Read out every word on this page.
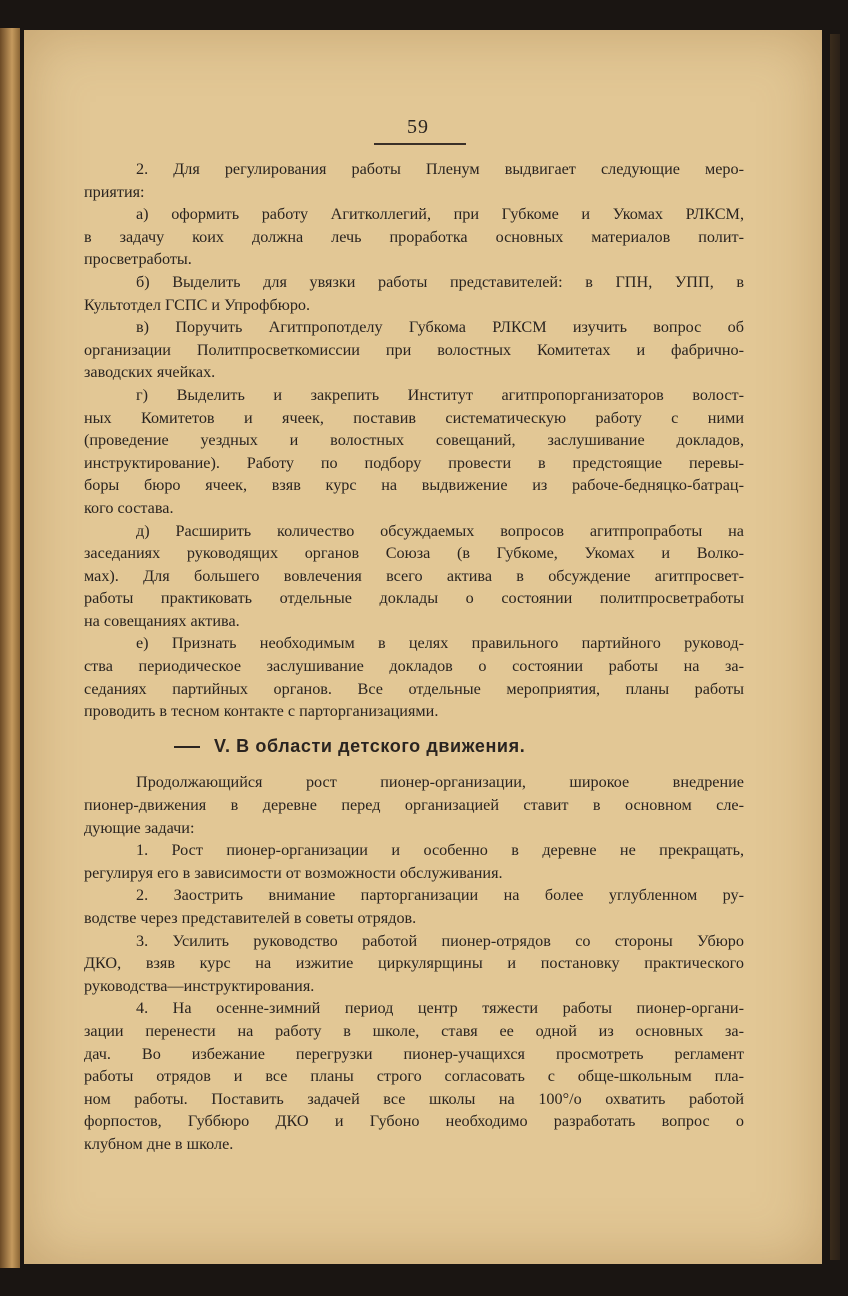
59
2. Для регулирования работы Пленум выдвигает следующие меро-
приятия:
а) оформить работу Агитколлегий, при Губкоме и Укомах РЛКСМ,
в задачу коих должна лечь проработка основных материалов полит-
просветработы.
б) Выделить для увязки работы представителей: в ГПН, УПП, в
Культотдел ГСПС и Упрофбюро.
в) Поручить Агитпропотделу Губкома РЛКСМ изучить вопрос об
организации Политпросветкомиссии при волостных Комитетах и фабрично-
заводских ячейках.
г) Выделить и закрепить Институт агитпропорганизаторов волост-
ных Комитетов и ячеек, поставив систематическую работу с ними
(проведение уездных и волостных совещаний, заслушивание докладов,
инструктирование). Работу по подбору провести в предстоящие перевы-
боры бюро ячеек, взяв курс на выдвижение из рабоче-бедняцко-батрац-
кого состава.
д) Расширить количество обсуждаемых вопросов агитпропработы на
заседаниях руководящих органов Союза (в Губкоме, Укомах и Волко-
мах). Для большего вовлечения всего актива в обсуждение агитпросвет-
работы практиковать отдельные доклады о состоянии политпросветработы
на совещаниях актива.
е) Признать необходимым в целях правильного партийного руковод-
ства периодическое заслушивание докладов о состоянии работы на за-
седаниях партийных органов. Все отдельные мероприятия, планы работы
проводить в тесном контакте с парторганизациями.
V. В области детского движения.
Продолжающийся рост пионер-организации, широкое внедрение
пионер-движения в деревне перед организацией ставит в основном сле-
дующие задачи:
1. Рост пионер-организации и особенно в деревне не прекращать,
регулируя его в зависимости от возможности обслуживания.
2. Заострить внимание парторганизации на более углубленном ру-
водстве через представителей в советы отрядов.
3. Усилить руководство работой пионер-отрядов со стороны Убюро
ДКО, взяв курс на изжитие циркулярщины и постановку практического
руководства—инструктирования.
4. На осенне-зимний период центр тяжести работы пионер-органи-
зации перенести на работу в школе, ставя ее одной из основных за-
дач. Во избежание перегрузки пионер-учащихся просмотреть регламент
работы отрядов и все планы строго согласовать с обще-школьным пла-
ном работы. Поставить задачей все школы на 100°/о охватить работой
форпостов, Губбюро ДКО и Губоно необходимо разработать вопрос о
клубном дне в школе.
